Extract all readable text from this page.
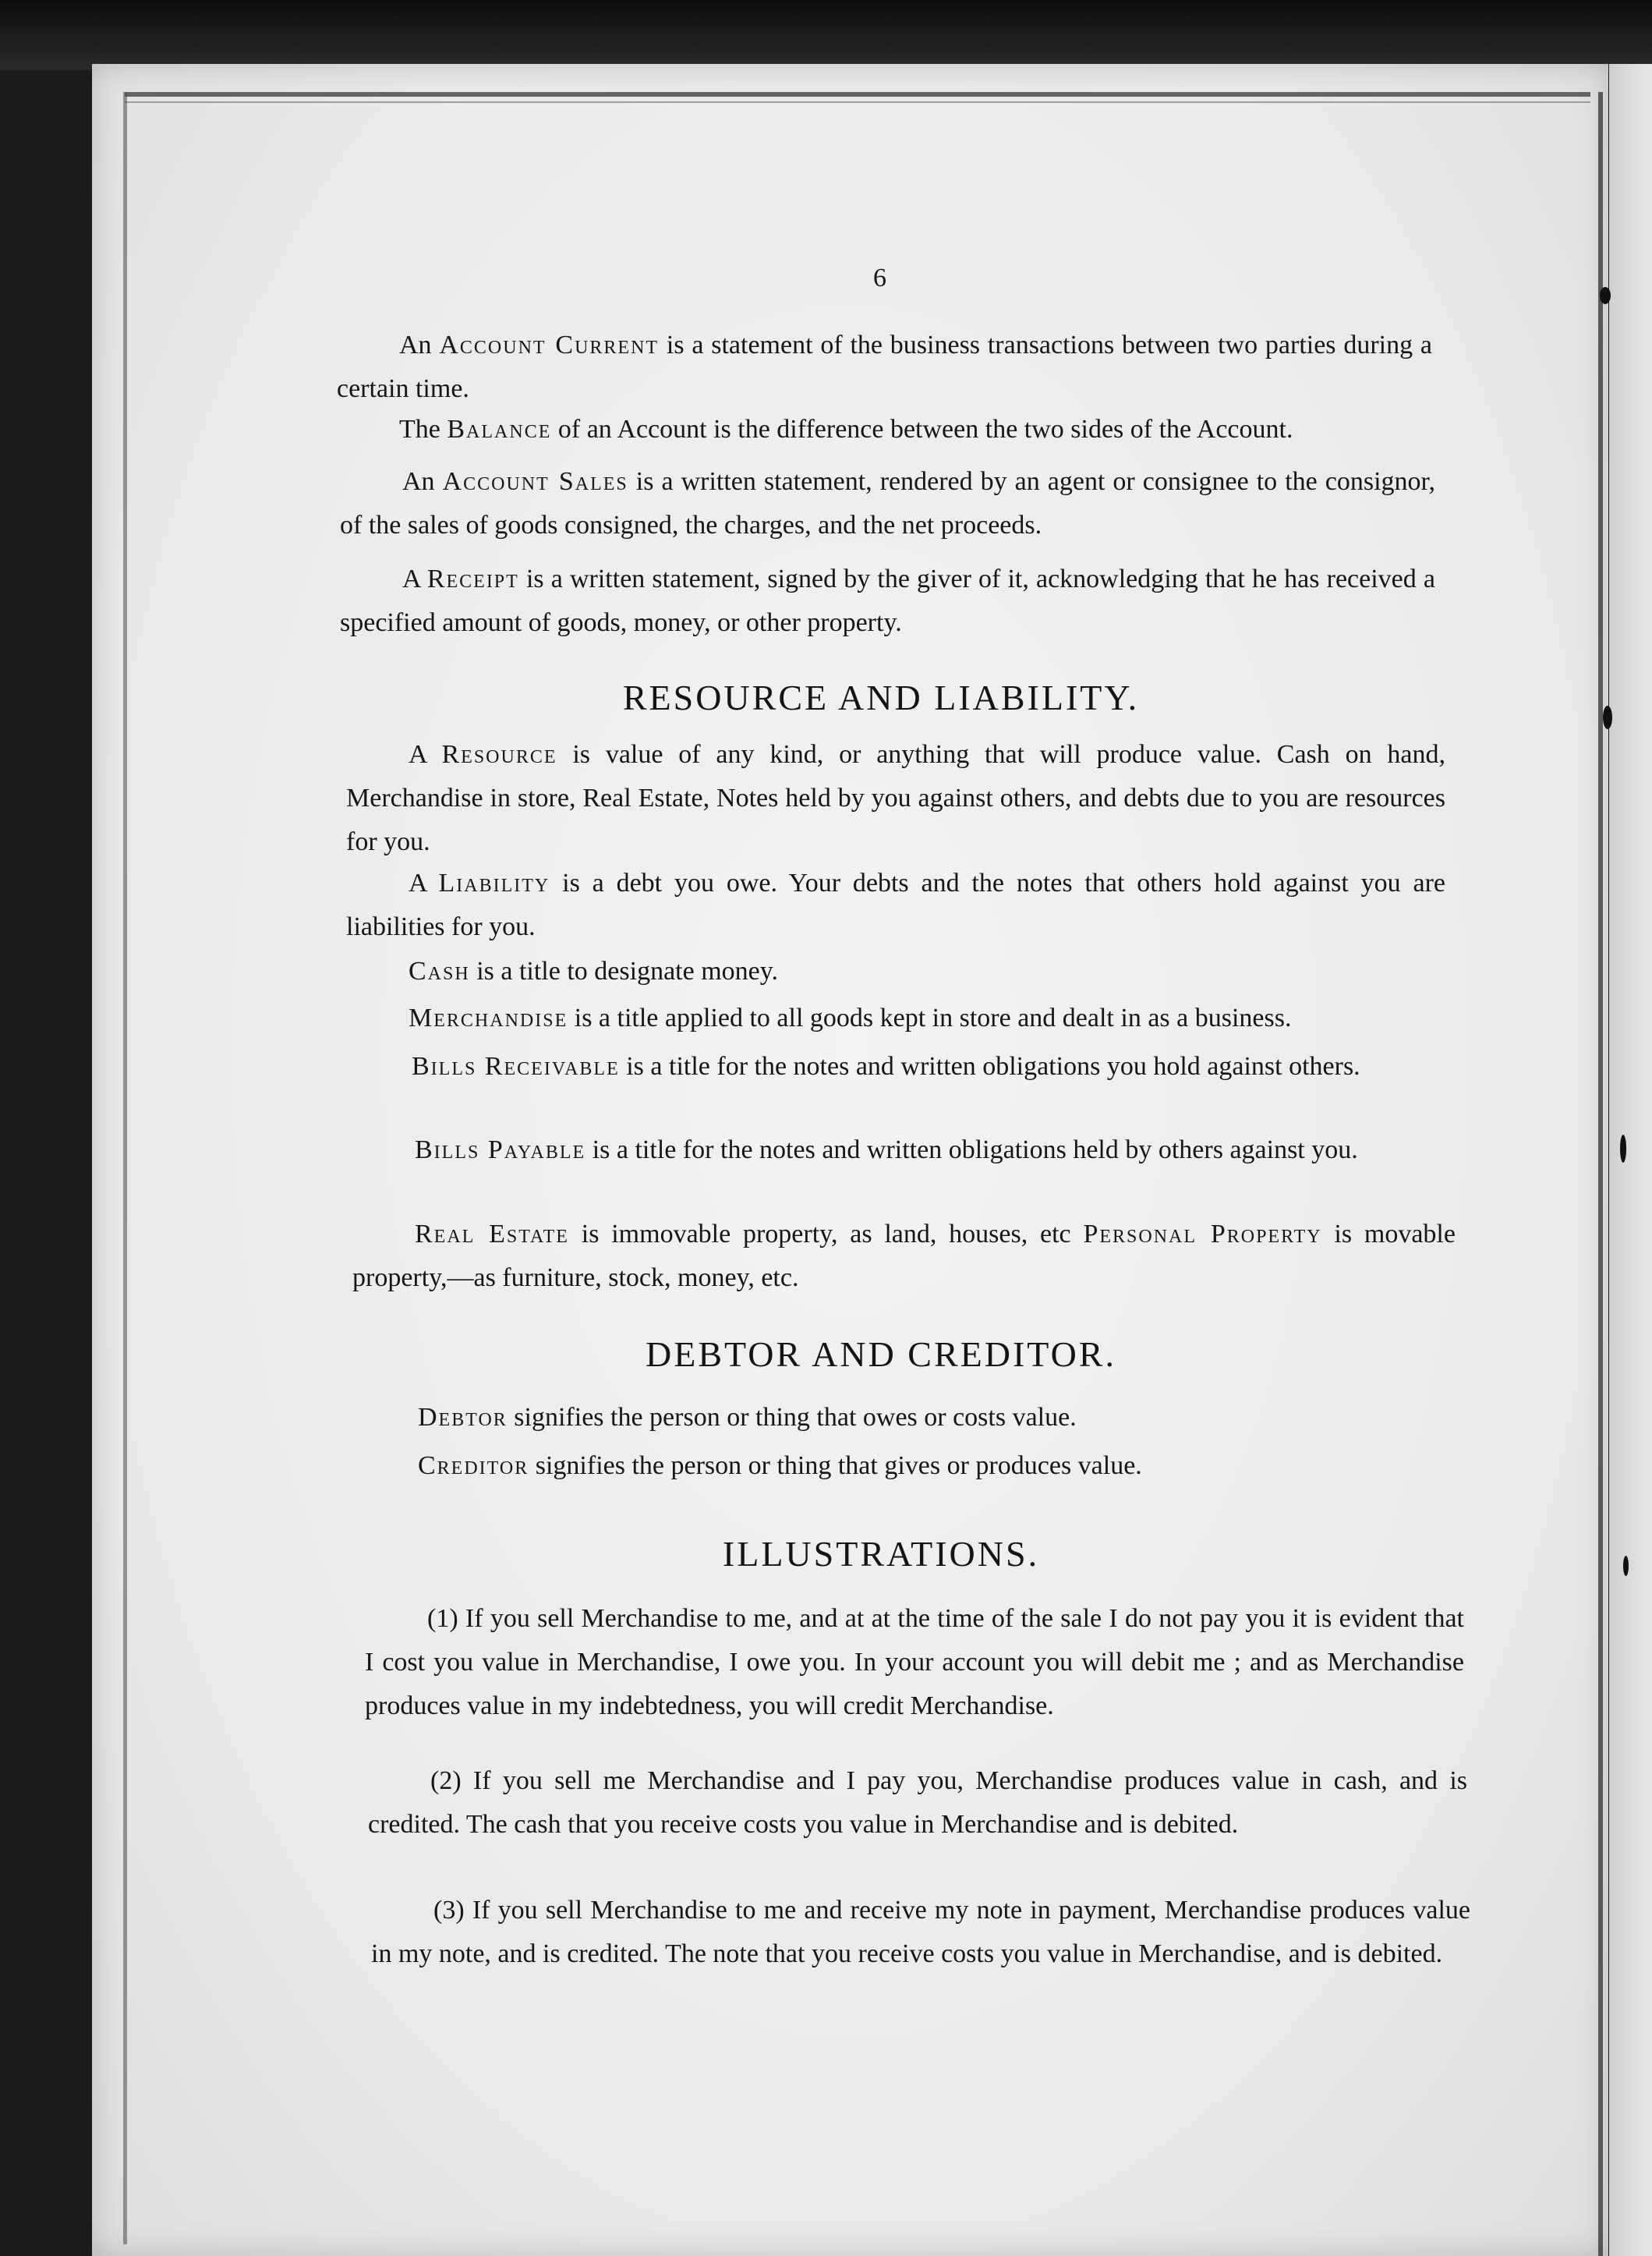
6

An Account Current is a statement of the business transactions between two parties during a certain time.

The Balance of an Account is the difference between the two sides of the Account.

An Account Sales is a written statement, rendered by an agent or consignee to the consignor, of the sales of goods consigned, the charges, and the net proceeds.

A Receipt is a written statement, signed by the giver of it, acknowledging that he has received a specified amount of goods, money, or other property.

RESOURCE AND LIABILITY.

A Resource is value of any kind, or anything that will produce value. Cash on hand, Merchandise in store, Real Estate, Notes held by you against others, and debts due to you are resources for you.

A Liability is a debt you owe. Your debts and the notes that others hold against you are liabilities for you.

Cash is a title to designate money.

Merchandise is a title applied to all goods kept in store and dealt in as a business.

Bills Receivable is a title for the notes and written obligations you hold against others.

Bills Payable is a title for the notes and written obligations held by others against you.

Real Estate is immovable property, as land, houses, etc Personal Property is movable property,—as furniture, stock, money, etc.

DEBTOR AND CREDITOR.

Debtor signifies the person or thing that owes or costs value.

Creditor signifies the person or thing that gives or produces value.

ILLUSTRATIONS.

(1) If you sell Merchandise to me, and at at the time of the sale I do not pay you it is evident that I cost you value in Merchandise, I owe you. In your account you will debit me ; and as Merchandise produces value in my indebtedness, you will credit Merchandise.

(2) If you sell me Merchandise and I pay you, Merchandise produces value in cash, and is credited. The cash that you receive costs you value in Merchandise and is debited.

(3) If you sell Merchandise to me and receive my note in payment, Merchandise produces value in my note, and is credited. The note that you receive costs you value in Merchandise, and is debited.
